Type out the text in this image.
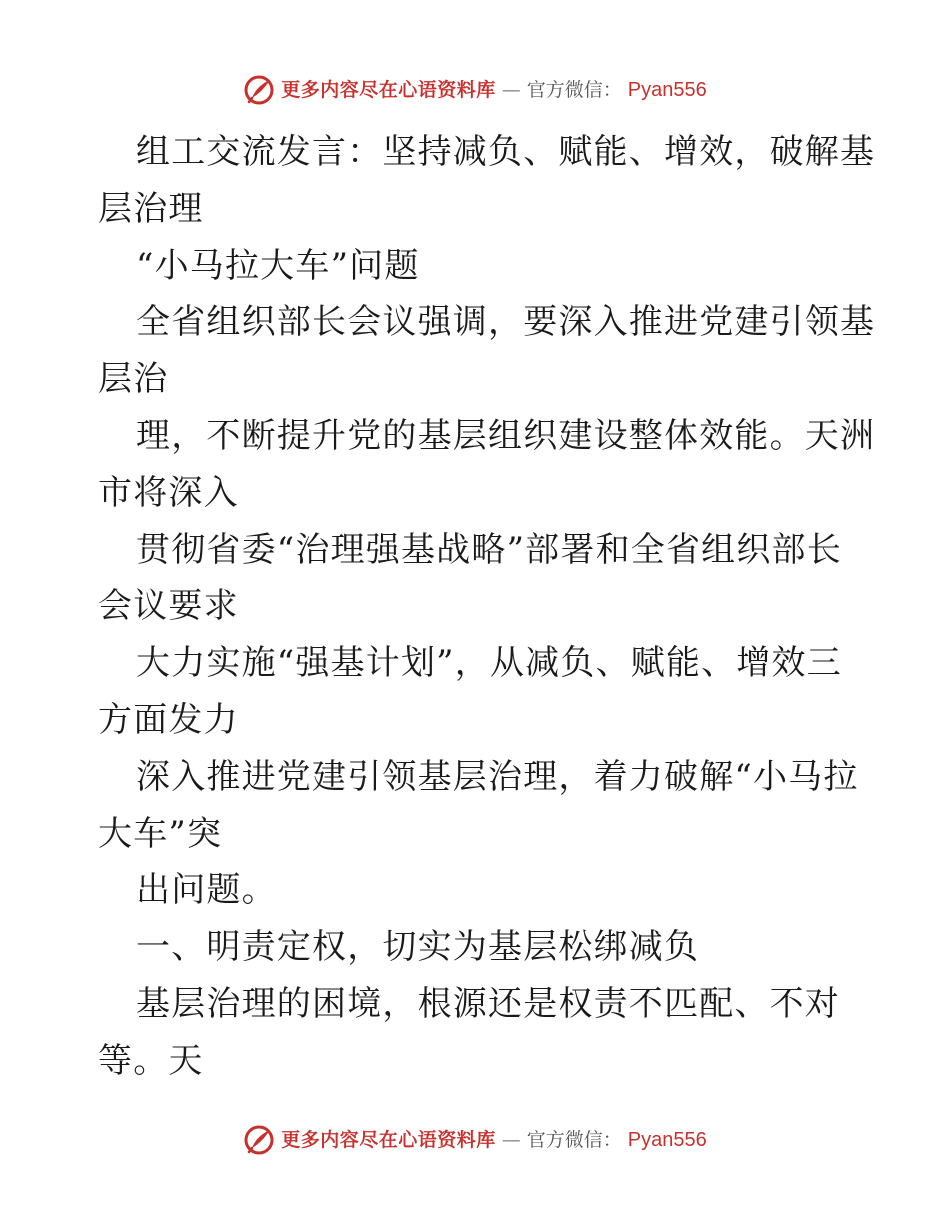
更多内容尽在心语资料库 — 官方微信： Pyan556
组工交流发言：坚持减负、赋能、增效，破解基
层治理
“小马拉大车”问题
全省组织部长会议强调，要深入推进党建引领基
层治
理，不断提升党的基层组织建设整体效能。天洲
市将深入
贯彻省委“治理强基战略”部署和全省组织部长
会议要求
大力实施“强基计划”，从减负、赋能、增效三
方面发力
深入推进党建引领基层治理，着力破解“小马拉
大车”突
出问题。
一、明责定权，切实为基层松绑减负
基层治理的困境，根源还是权责不匹配、不对
等。天
更多内容尽在心语资料库 — 官方微信： Pyan556
